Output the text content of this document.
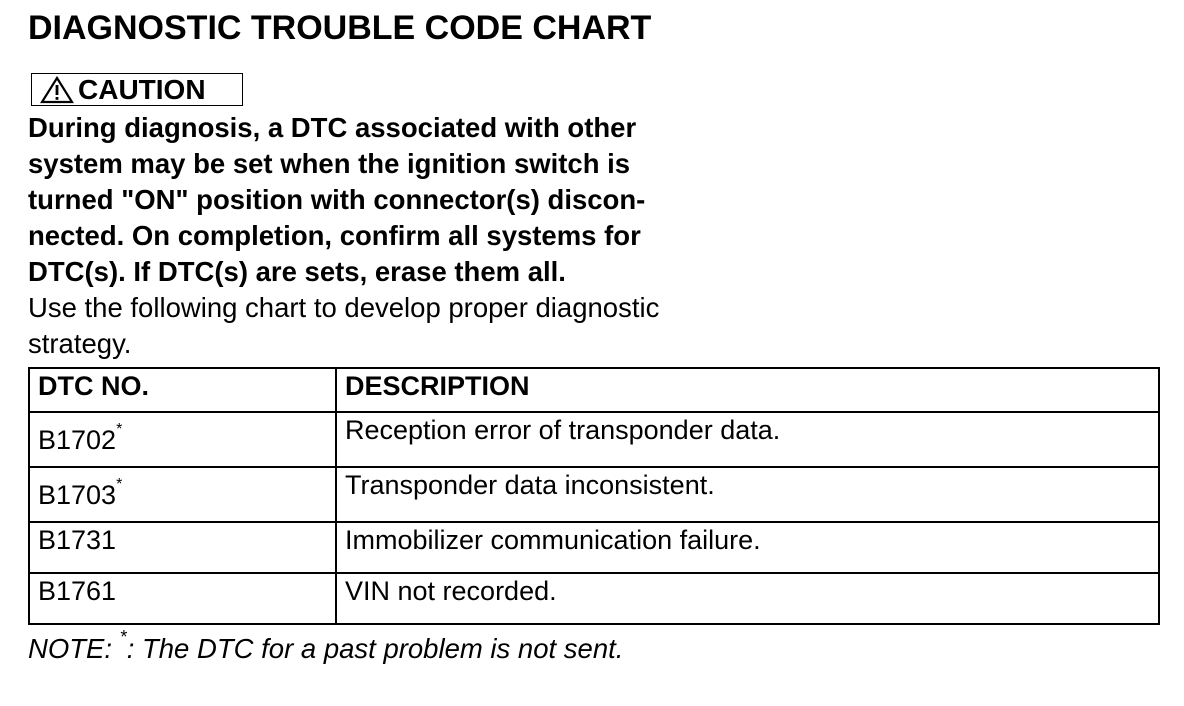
DIAGNOSTIC TROUBLE CODE CHART
CAUTION
During diagnosis, a DTC associated with other
system may be set when the ignition switch is
turned "ON" position with connector(s) discon-
nected. On completion, confirm all systems for
DTC(s). If DTC(s) are sets, erase them all.
Use the following chart to develop proper diagnostic
strategy.
DTC NO.	DESCRIPTION
B1702*	Reception error of transponder data.
B1703*	Transponder data inconsistent.
B1731	Immobilizer communication failure.
B1761	VIN not recorded.
NOTE: *: The DTC for a past problem is not sent.
